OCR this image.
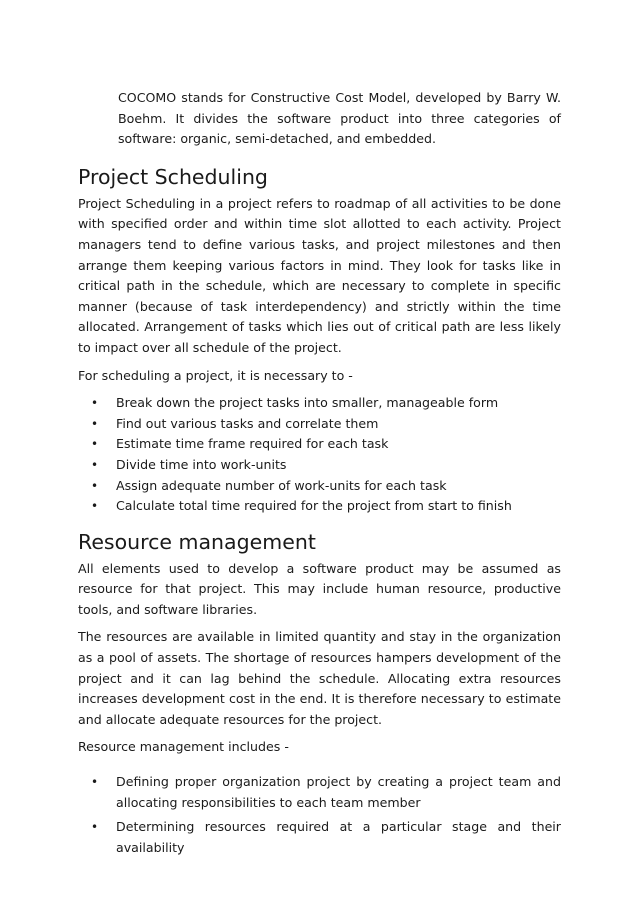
COCOMO stands for Constructive Cost Model, developed by Barry W. Boehm. It divides the software product into three categories of software: organic, semi-detached, and embedded.

Project Scheduling

Project Scheduling in a project refers to roadmap of all activities to be done with specified order and within time slot allotted to each activity. Project managers tend to define various tasks, and project milestones and then arrange them keeping various factors in mind. They look for tasks like in critical path in the schedule, which are necessary to complete in specific manner (because of task interdependency) and strictly within the time allocated. Arrangement of tasks which lies out of critical path are less likely to impact over all schedule of the project.

For scheduling a project, it is necessary to -

• Break down the project tasks into smaller, manageable form
• Find out various tasks and correlate them
• Estimate time frame required for each task
• Divide time into work-units
• Assign adequate number of work-units for each task
• Calculate total time required for the project from start to finish
Resource management

All elements used to develop a software product may be assumed as resource for that project. This may include human resource, productive tools, and software libraries.

The resources are available in limited quantity and stay in the organization as a pool of assets. The shortage of resources hampers development of the project and it can lag behind the schedule. Allocating extra resources increases development cost in the end. It is therefore necessary to estimate and allocate adequate resources for the project.

Resource management includes -

• Defining proper organization project by creating a project team and allocating responsibilities to each team member
• Determining resources required at a particular stage and their availability
